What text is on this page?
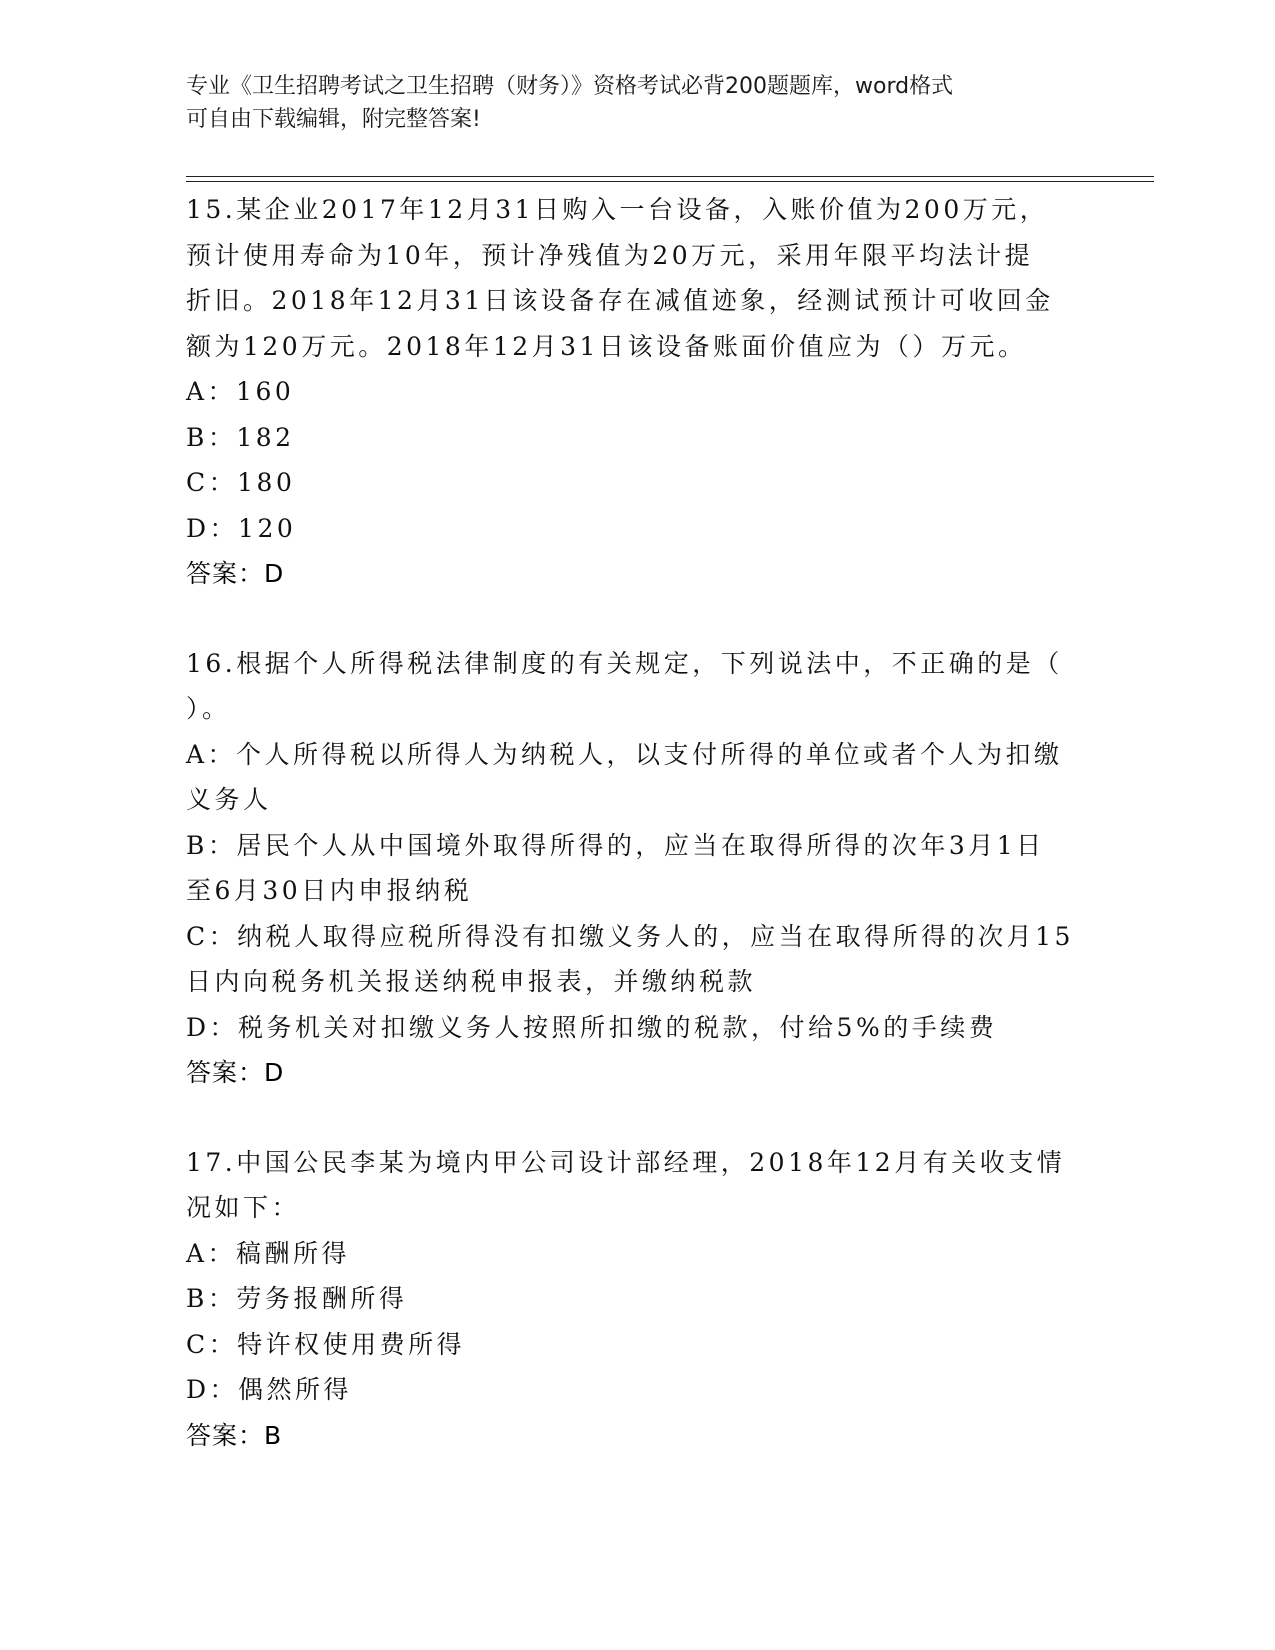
专业《卫生招聘考试之卫生招聘（财务）》资格考试必背200题题库，word格式
可自由下载编辑，附完整答案!
15.某企业2017年12月31日购入一台设备，入账价值为200万元，
预计使用寿命为10年，预计净残值为20万元，采用年限平均法计提
折旧。2018年12月31日该设备存在减值迹象，经测试预计可收回金
额为120万元。2018年12月31日该设备账面价值应为（）万元。
A：160
B：182
C：180
D：120
答案：D
16.根据个人所得税法律制度的有关规定，下列说法中，不正确的是（
）。
A：个人所得税以所得人为纳税人，以支付所得的单位或者个人为扣缴
义务人
B：居民个人从中国境外取得所得的，应当在取得所得的次年3月1日
至6月30日内申报纳税
C：纳税人取得应税所得没有扣缴义务人的，应当在取得所得的次月15
日内向税务机关报送纳税申报表，并缴纳税款
D：税务机关对扣缴义务人按照所扣缴的税款，付给5%的手续费
答案：D
17.中国公民李某为境内甲公司设计部经理，2018年12月有关收支情
况如下：
A：稿酬所得
B：劳务报酬所得
C：特许权使用费所得
D：偶然所得
答案：B
